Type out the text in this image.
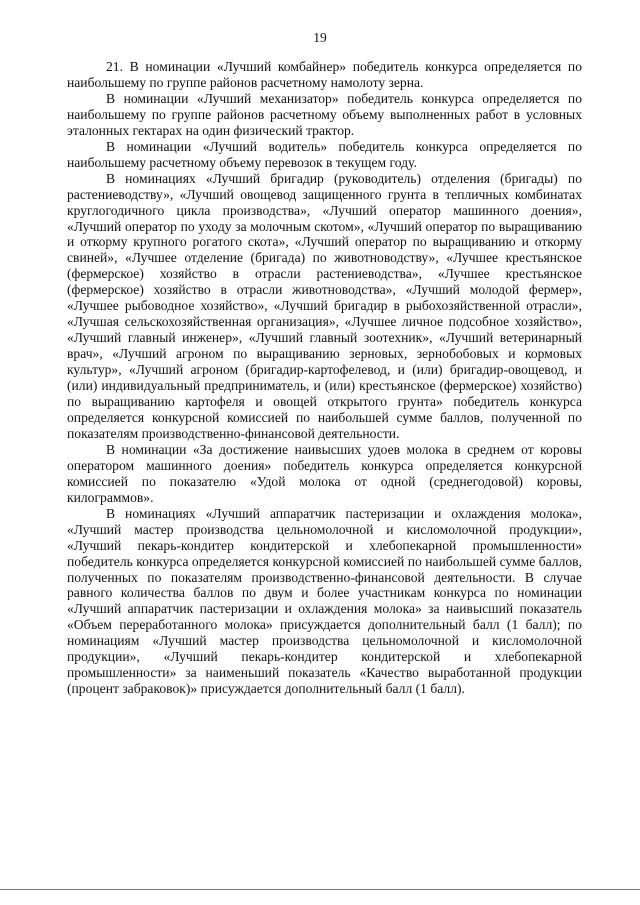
19

21. В номинации «Лучший комбайнер» победитель конкурса определяется по наибольшему по группе районов расчетному намолоту зерна.

В номинации «Лучший механизатор» победитель конкурса определяется по наибольшему по группе районов расчетному объему выполненных работ в условных эталонных гектарах на один физический трактор.

В номинации «Лучший водитель» победитель конкурса определяется по наибольшему расчетному объему перевозок в текущем году.

В номинациях «Лучший бригадир (руководитель) отделения (бригады) по растениеводству», «Лучший овощевод защищенного грунта в тепличных комбинатах круглогодичного цикла производства», «Лучший оператор машинного доения», «Лучший оператор по уходу за молочным скотом», «Лучший оператор по выращиванию и откорму крупного рогатого скота», «Лучший оператор по выращиванию и откорму свиней», «Лучшее отделение (бригада) по животноводству», «Лучшее крестьянское (фермерское) хозяйство в отрасли растениеводства», «Лучшее крестьянское (фермерское) хозяйство в отрасли животноводства», «Лучший молодой фермер», «Лучшее рыбоводное хозяйство», «Лучший бригадир в рыбохозяйственной отрасли», «Лучшая сельскохозяйственная организация», «Лучшее личное подсобное хозяйство», «Лучший главный инженер», «Лучший главный зоотехник», «Лучший ветеринарный врач», «Лучший агроном по выращиванию зерновых, зернобобовых и кормовых культур», «Лучший агроном (бригадир-картофелевод, и (или) бригадир-овощевод, и (или) индивидуальный предприниматель, и (или) крестьянское (фермерское) хозяйство) по выращиванию картофеля и овощей открытого грунта» победитель конкурса определяется конкурсной комиссией по наибольшей сумме баллов, полученной по показателям производственно-финансовой деятельности.

В номинации «За достижение наивысших удоев молока в среднем от коровы оператором машинного доения» победитель конкурса определяется конкурсной комиссией по показателю «Удой молока от одной (среднегодовой) коровы, килограммов».

В номинациях «Лучший аппаратчик пастеризации и охлаждения молока», «Лучший мастер производства цельномолочной и кисломолочной продукции», «Лучший пекарь-кондитер кондитерской и хлебопекарной промышленности» победитель конкурса определяется конкурсной комиссией по наибольшей сумме баллов, полученных по показателям производственно-финансовой деятельности. В случае равного количества баллов по двум и более участникам конкурса по номинации «Лучший аппаратчик пастеризации и охлаждения молока» за наивысший показатель «Объем переработанного молока» присуждается дополнительный балл (1 балл); по номинациям «Лучший мастер производства цельномолочной и кисломолочной продукции», «Лучший пекарь-кондитер кондитерской и хлебопекарной промышленности» за наименьший показатель «Качество выработанной продукции (процент забраковок)» присуждается дополнительный балл (1 балл).
